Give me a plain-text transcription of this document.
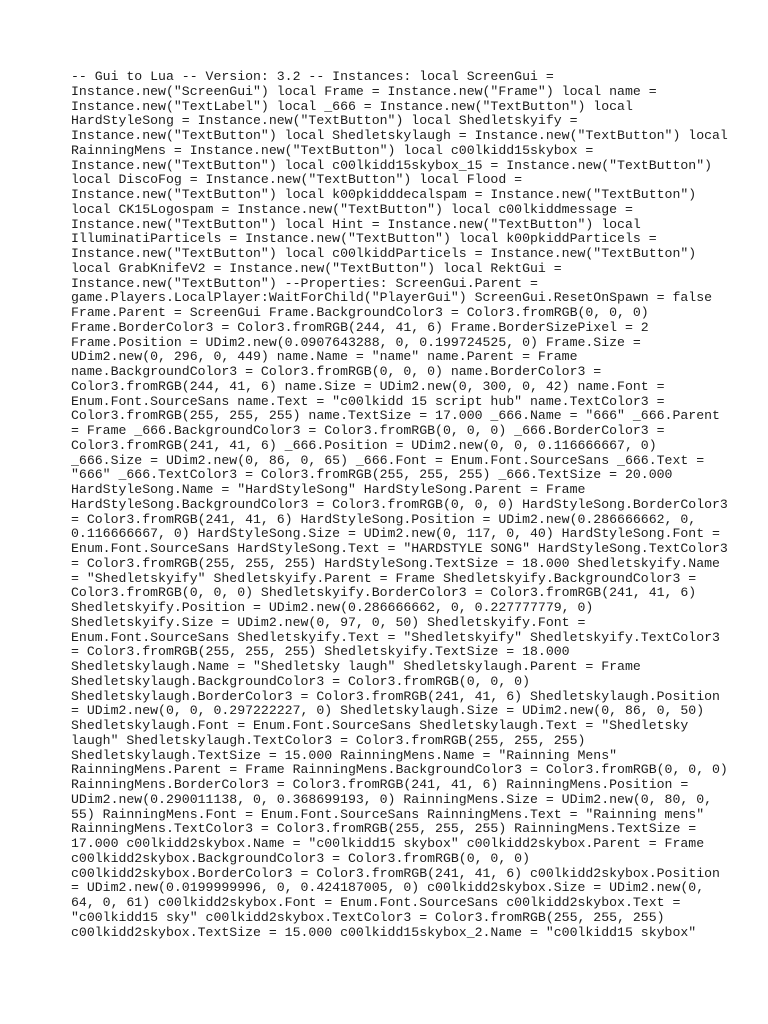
-- Gui to Lua -- Version: 3.2 -- Instances: local ScreenGui =
Instance.new("ScreenGui") local Frame = Instance.new("Frame") local name =
Instance.new("TextLabel") local _666 = Instance.new("TextButton") local
HardStyleSong = Instance.new("TextButton") local Shedletskyify =
Instance.new("TextButton") local Shedletskylaugh = Instance.new("TextButton") local
RainningMens = Instance.new("TextButton") local c00lkidd15skybox =
Instance.new("TextButton") local c00lkidd15skybox_15 = Instance.new("TextButton")
local DiscoFog = Instance.new("TextButton") local Flood =
Instance.new("TextButton") local k00pkidddecalspam = Instance.new("TextButton")
local CK15Logospam = Instance.new("TextButton") local c00lkiddmessage =
Instance.new("TextButton") local Hint = Instance.new("TextButton") local
IlluminatiParticels = Instance.new("TextButton") local k00pkiddParticels =
Instance.new("TextButton") local c00lkiddParticels = Instance.new("TextButton")
local GrabKnifeV2 = Instance.new("TextButton") local RektGui =
Instance.new("TextButton") --Properties: ScreenGui.Parent =
game.Players.LocalPlayer:WaitForChild("PlayerGui") ScreenGui.ResetOnSpawn = false
Frame.Parent = ScreenGui Frame.BackgroundColor3 = Color3.fromRGB(0, 0, 0)
Frame.BorderColor3 = Color3.fromRGB(244, 41, 6) Frame.BorderSizePixel = 2
Frame.Position = UDim2.new(0.0907643288, 0, 0.199724525, 0) Frame.Size =
UDim2.new(0, 296, 0, 449) name.Name = "name" name.Parent = Frame
name.BackgroundColor3 = Color3.fromRGB(0, 0, 0) name.BorderColor3 =
Color3.fromRGB(244, 41, 6) name.Size = UDim2.new(0, 300, 0, 42) name.Font =
Enum.Font.SourceSans name.Text = "c00lkidd 15 script hub" name.TextColor3 =
Color3.fromRGB(255, 255, 255) name.TextSize = 17.000 _666.Name = "666" _666.Parent
= Frame _666.BackgroundColor3 = Color3.fromRGB(0, 0, 0) _666.BorderColor3 =
Color3.fromRGB(241, 41, 6) _666.Position = UDim2.new(0, 0, 0.116666667, 0)
_666.Size = UDim2.new(0, 86, 0, 65) _666.Font = Enum.Font.SourceSans _666.Text =
"666" _666.TextColor3 = Color3.fromRGB(255, 255, 255) _666.TextSize = 20.000
HardStyleSong.Name = "HardStyleSong" HardStyleSong.Parent = Frame
HardStyleSong.BackgroundColor3 = Color3.fromRGB(0, 0, 0) HardStyleSong.BorderColor3
= Color3.fromRGB(241, 41, 6) HardStyleSong.Position = UDim2.new(0.286666662, 0,
0.116666667, 0) HardStyleSong.Size = UDim2.new(0, 117, 0, 40) HardStyleSong.Font =
Enum.Font.SourceSans HardStyleSong.Text = "HARDSTYLE SONG" HardStyleSong.TextColor3
= Color3.fromRGB(255, 255, 255) HardStyleSong.TextSize = 18.000 Shedletskyify.Name
= "Shedletskyify" Shedletskyify.Parent = Frame Shedletskyify.BackgroundColor3 =
Color3.fromRGB(0, 0, 0) Shedletskyify.BorderColor3 = Color3.fromRGB(241, 41, 6)
Shedletskyify.Position = UDim2.new(0.286666662, 0, 0.227777779, 0)
Shedletskyify.Size = UDim2.new(0, 97, 0, 50) Shedletskyify.Font =
Enum.Font.SourceSans Shedletskyify.Text = "Shedletskyify" Shedletskyify.TextColor3
= Color3.fromRGB(255, 255, 255) Shedletskyify.TextSize = 18.000
Shedletskylaugh.Name = "Shedletsky laugh" Shedletskylaugh.Parent = Frame
Shedletskylaugh.BackgroundColor3 = Color3.fromRGB(0, 0, 0)
Shedletskylaugh.BorderColor3 = Color3.fromRGB(241, 41, 6) Shedletskylaugh.Position
= UDim2.new(0, 0, 0.297222227, 0) Shedletskylaugh.Size = UDim2.new(0, 86, 0, 50)
Shedletskylaugh.Font = Enum.Font.SourceSans Shedletskylaugh.Text = "Shedletsky
laugh" Shedletskylaugh.TextColor3 = Color3.fromRGB(255, 255, 255)
Shedletskylaugh.TextSize = 15.000 RainningMens.Name = "Rainning Mens"
RainningMens.Parent = Frame RainningMens.BackgroundColor3 = Color3.fromRGB(0, 0, 0)
RainningMens.BorderColor3 = Color3.fromRGB(241, 41, 6) RainningMens.Position =
UDim2.new(0.290011138, 0, 0.368699193, 0) RainningMens.Size = UDim2.new(0, 80, 0,
55) RainningMens.Font = Enum.Font.SourceSans RainningMens.Text = "Rainning mens"
RainningMens.TextColor3 = Color3.fromRGB(255, 255, 255) RainningMens.TextSize =
17.000 c00lkidd2skybox.Name = "c00lkidd15 skybox" c00lkidd2skybox.Parent = Frame
c00lkidd2skybox.BackgroundColor3 = Color3.fromRGB(0, 0, 0)
c00lkidd2skybox.BorderColor3 = Color3.fromRGB(241, 41, 6) c00lkidd2skybox.Position
= UDim2.new(0.0199999996, 0, 0.424187005, 0) c00lkidd2skybox.Size = UDim2.new(0,
64, 0, 61) c00lkidd2skybox.Font = Enum.Font.SourceSans c00lkidd2skybox.Text =
"c00lkidd15 sky" c00lkidd2skybox.TextColor3 = Color3.fromRGB(255, 255, 255)
c00lkidd2skybox.TextSize = 15.000 c00lkidd15skybox_2.Name = "c00lkidd15 skybox"
